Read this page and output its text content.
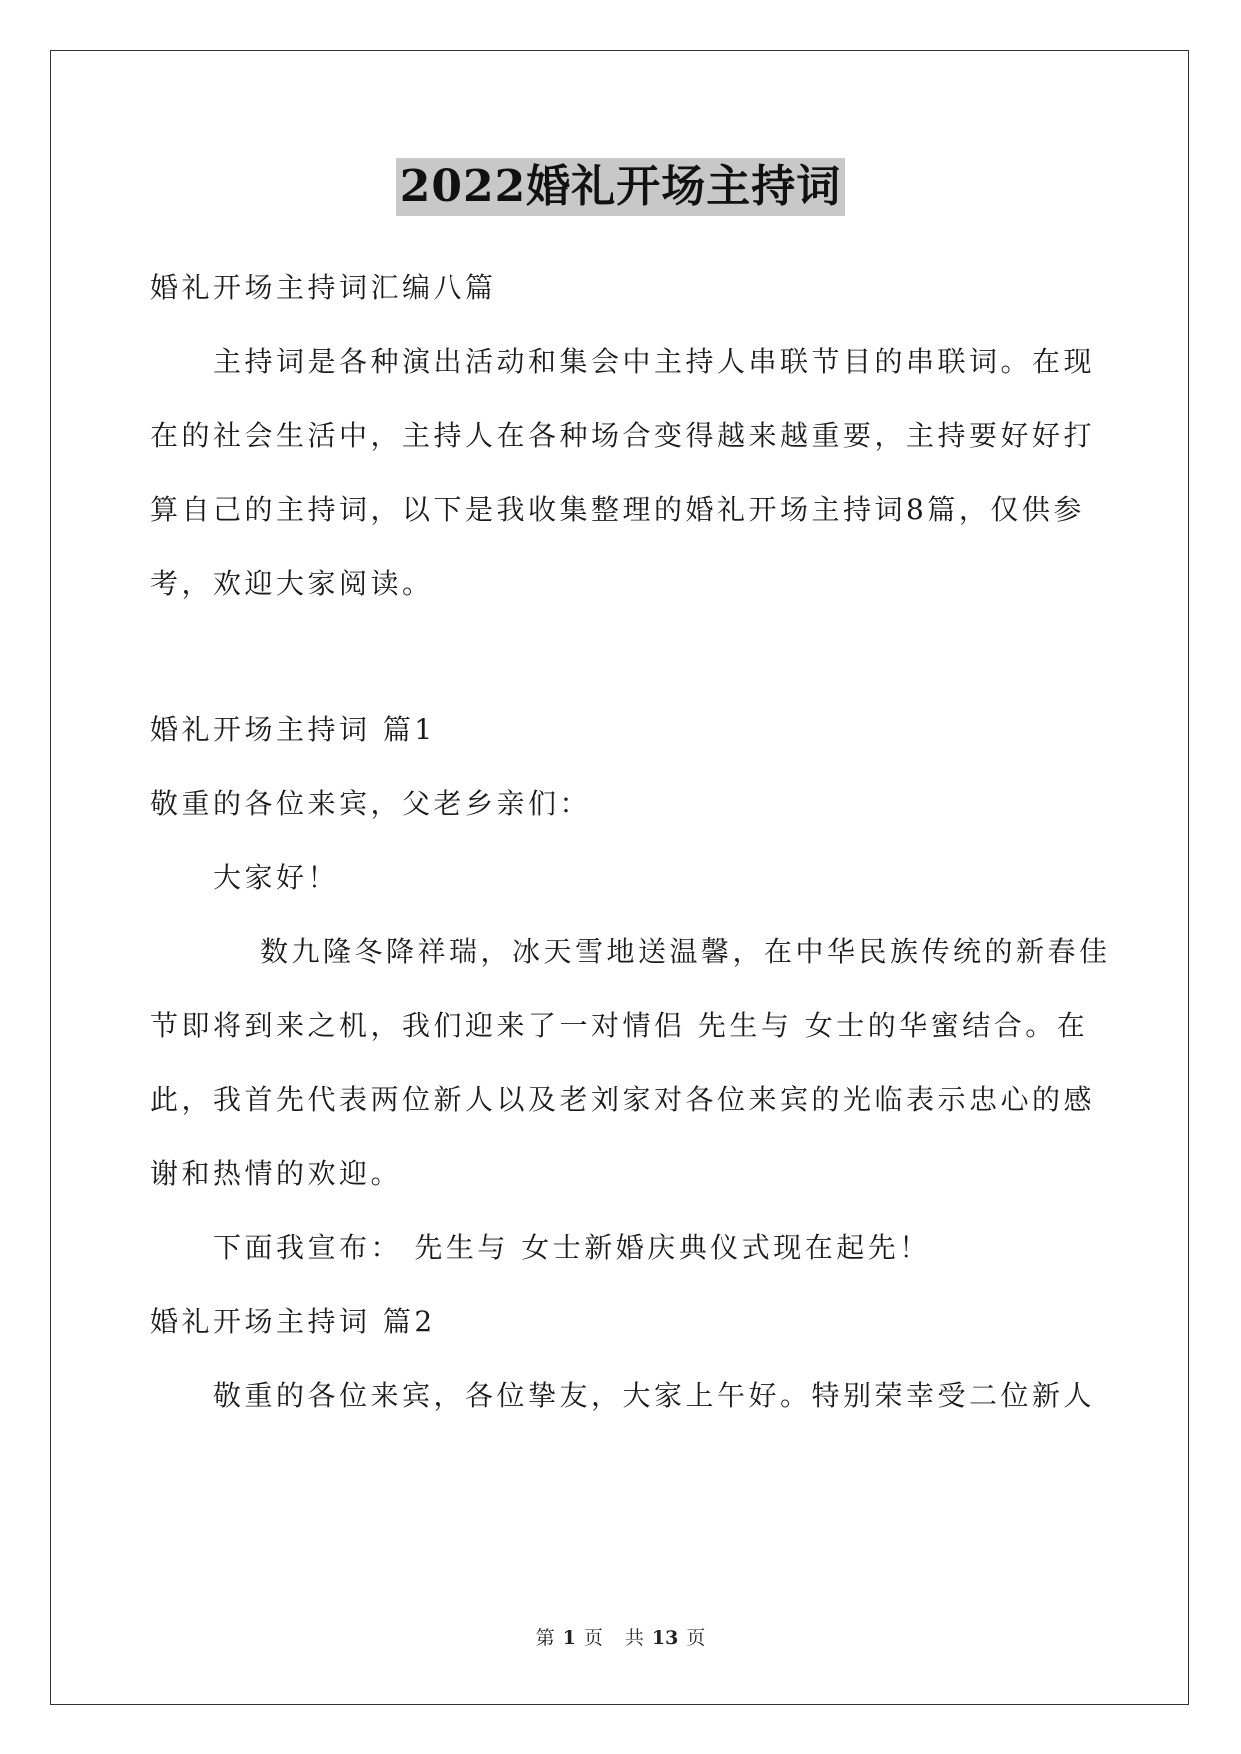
2022婚礼开场主持词
婚礼开场主持词汇编八篇
主持词是各种演出活动和集会中主持人串联节目的串联词。在现
在的社会生活中，主持人在各种场合变得越来越重要，主持要好好打
算自己的主持词，以下是我收集整理的婚礼开场主持词8篇，仅供参
考，欢迎大家阅读。
婚礼开场主持词 篇1
敬重的各位来宾，父老乡亲们：
大家好！
数九隆冬降祥瑞，冰天雪地送温馨，在中华民族传统的新春佳
节即将到来之机，我们迎来了一对情侣 先生与 女士的华蜜结合。在
此，我首先代表两位新人以及老刘家对各位来宾的光临表示忠心的感
谢和热情的欢迎。
下面我宣布： 先生与 女士新婚庆典仪式现在起先！
婚礼开场主持词 篇2
敬重的各位来宾，各位挚友，大家上午好。特别荣幸受二位新人
第 1 页 共 13 页
